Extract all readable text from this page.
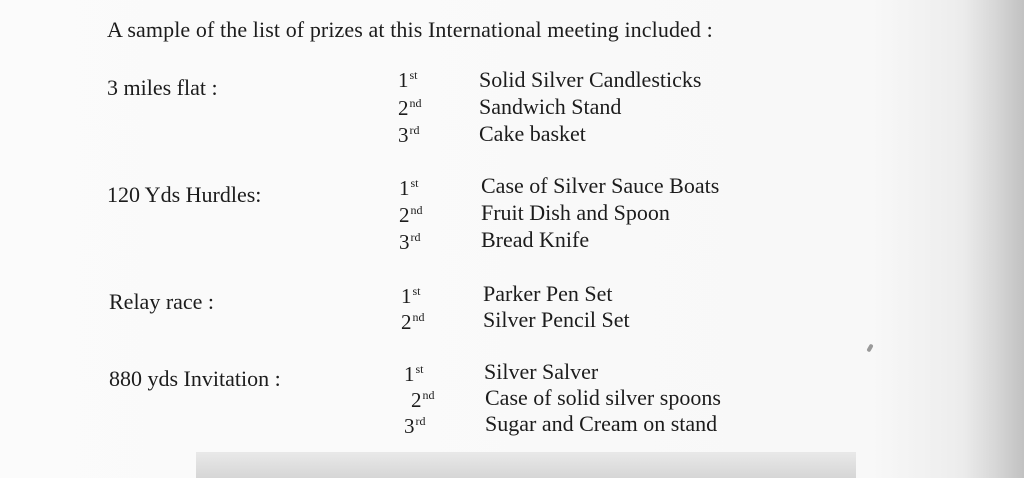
A sample of the list of prizes at this International meeting included :
3 miles flat :	1st	Solid Silver Candlesticks
2nd	Sandwich Stand
3rd	Cake basket
120 Yds Hurdles:	1st	Case of Silver Sauce Boats
2nd	Fruit Dish and Spoon
3rd	Bread Knife
Relay race :	1st	Parker Pen Set
2nd	Silver Pencil Set
880 yds Invitation :	1st	Silver Salver
2nd Case of solid silver spoons
3rd	Sugar and Cream on stand
